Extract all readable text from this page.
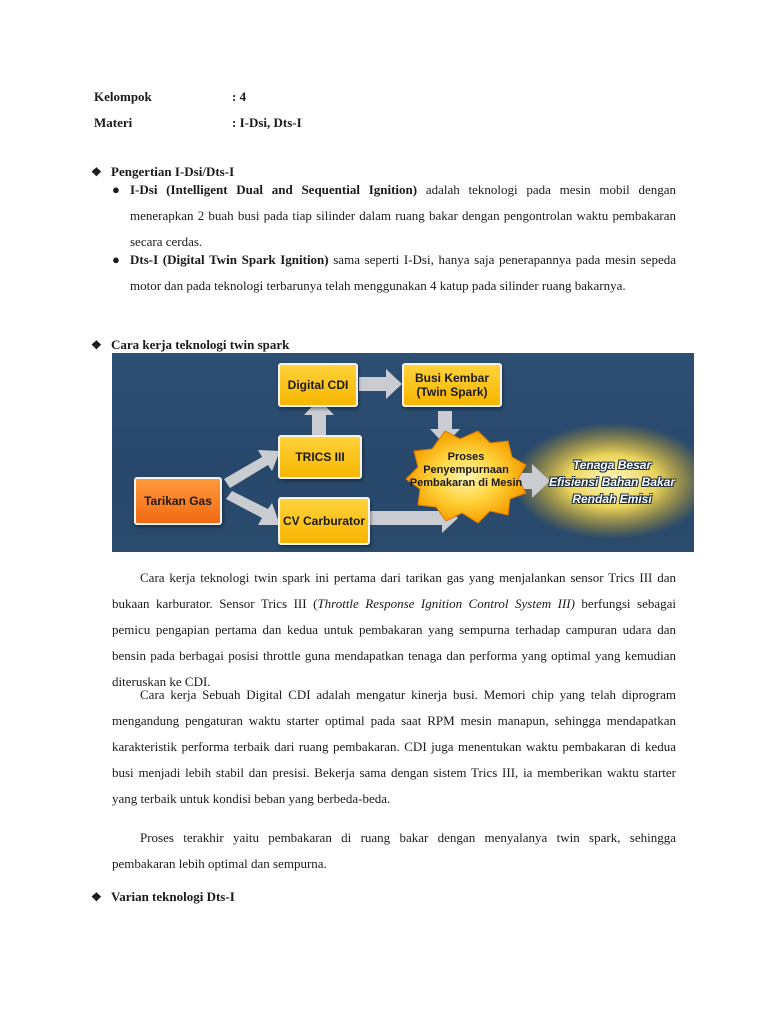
Kelompok	: 4
Materi	: I-Dsi, Dts-I
❖ Pengertian I-Dsi/Dts-I
● I-Dsi (Intelligent Dual and Sequential Ignition) adalah teknologi pada mesin mobil dengan menerapkan 2 buah busi pada tiap silinder dalam ruang bakar dengan pengontrolan waktu pembakaran secara cerdas.
● Dts-I (Digital Twin Spark Ignition) sama seperti I-Dsi, hanya saja penerapannya pada mesin sepeda motor dan pada teknologi terbarunya telah menggunakan 4 katup pada silinder ruang bakarnya.
❖ Cara kerja teknologi twin spark
Digital CDI	Busi Kembar (Twin Spark)
TRICS III
Tarikan Gas
CV Carburator
Proses Penyempurnaan Pembakaran di Mesin
Tenaga Besar
Efisiensi Bahan Bakar
Rendah Emisi
Cara kerja teknologi twin spark ini pertama dari tarikan gas yang menjalankan sensor Trics III dan bukaan karburator. Sensor Trics III (Throttle Response Ignition Control System III) berfungsi sebagai pemicu pengapian pertama dan kedua untuk pembakaran yang sempurna terhadap campuran udara dan bensin pada berbagai posisi throttle guna mendapatkan tenaga dan performa yang optimal yang kemudian diteruskan ke CDI.
Cara kerja Sebuah Digital CDI adalah mengatur kinerja busi. Memori chip yang telah diprogram mengandung pengaturan waktu starter optimal pada saat RPM mesin manapun, sehingga mendapatkan karakteristik performa terbaik dari ruang pembakaran. CDI juga menentukan waktu pembakaran di kedua busi menjadi lebih stabil dan presisi. Bekerja sama dengan sistem Trics III, ia memberikan waktu starter yang terbaik untuk kondisi beban yang berbeda-beda.
Proses terakhir yaitu pembakaran di ruang bakar dengan menyalanya twin spark, sehingga pembakaran lebih optimal dan sempurna.
❖ Varian teknologi Dts-I
